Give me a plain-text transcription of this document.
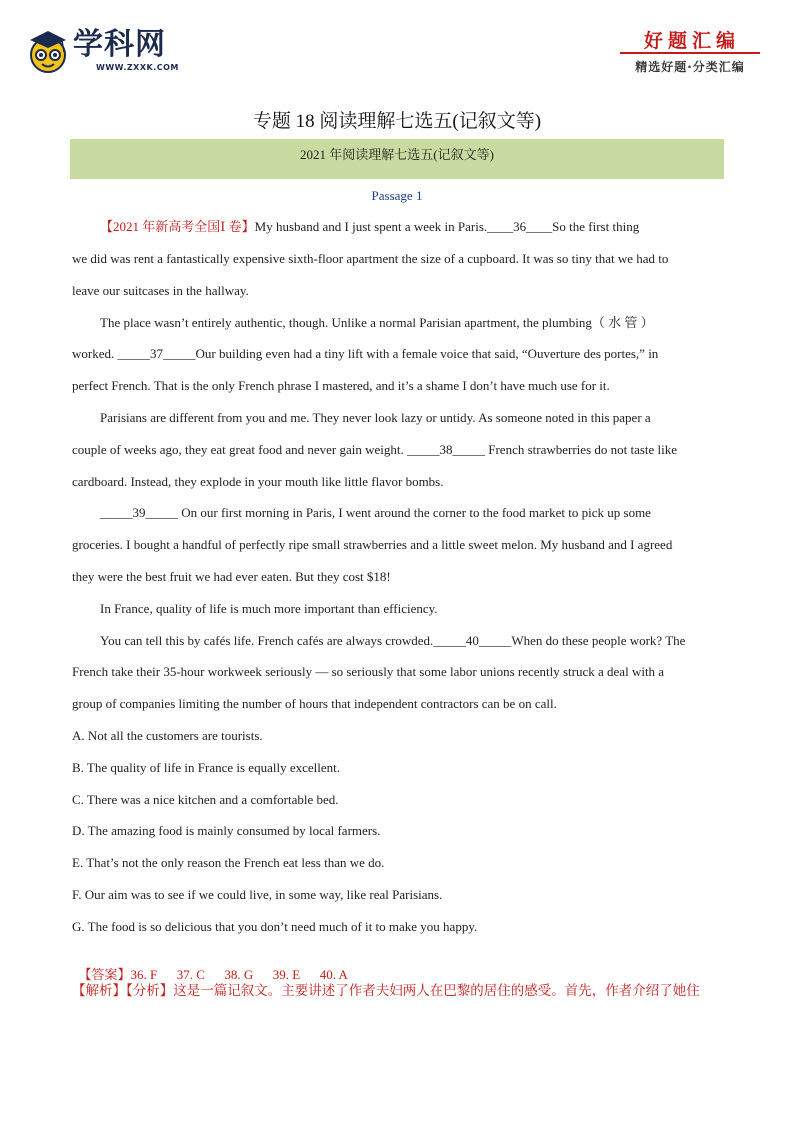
学科网
WWW.ZXXK.COM
好题汇编
精选好题·分类汇编
专题 18 阅读理解七选五(记叙文等)
2021 年阅读理解七选五(记叙文等)
Passage 1
【2021 年新高考全国Ⅰ 卷】My husband and I just spent a week in Paris.____36____So the first thing
we did was rent a fantastically expensive sixth-floor apartment the size of a cupboard. It was so tiny that we had to
leave our suitcases in the hallway.
The place wasn’t entirely authentic, though. Unlike a normal Parisian apartment, the plumbing（ 水 管 ）
worked. _____37_____Our building even had a tiny lift with a female voice that said, “Ouverture des portes,” in
perfect French. That is the only French phrase I mastered, and it’s a shame I don’t have much use for it.
Parisians are different from you and me. They never look lazy or untidy. As someone noted in this paper a
couple of weeks ago, they eat great food and never gain weight. _____38_____ French strawberries do not taste like
cardboard. Instead, they explode in your mouth like little flavor bombs.
_____39_____ On our first morning in Paris, I went around the corner to the food market to pick up some
groceries. I bought a handful of perfectly ripe small strawberries and a little sweet melon. My husband and I agreed
they were the best fruit we had ever eaten. But they cost $18!
In France, quality of life is much more important than efficiency.
You can tell this by cafés life. French cafés are always crowded._____40_____When do these people work? The
French take their 35-hour workweek seriously — so seriously that some labor unions recently struck a deal with a
group of companies limiting the number of hours that independent contractors can be on call.
A. Not all the customers are tourists.
B. The quality of life in France is equally excellent.
C. There was a nice kitchen and a comfortable bed.
D. The amazing food is mainly consumed by local farmers.
E. That’s not the only reason the French eat less than we do.
F. Our aim was to see if we could live, in some way, like real Parisians.
G. The food is so delicious that you don’t need much of it to make you happy.

【答案】36. F      37. C      38. G      39. E      40. A

【解析】【分析】这是一篇记叙文。主要讲述了作者夫妇两人在巴黎的居住的感受。首先，作者介绍了她住
